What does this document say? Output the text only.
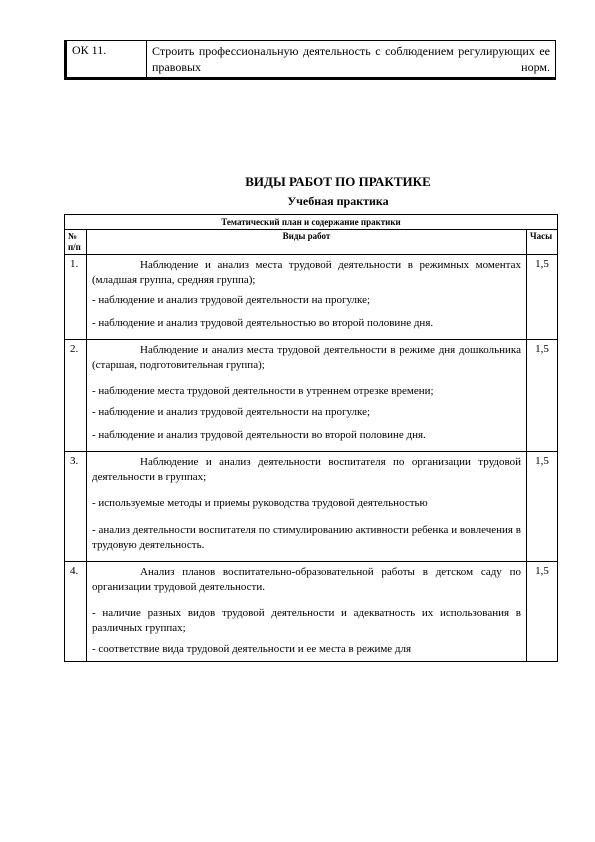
ОК 11.	Строить профессиональную деятельность с соблюдением регулирующих ее правовых норм.
ВИДЫ РАБОТ ПО ПРАКТИКЕ
Учебная практика
Тематический план и содержание практики		
№ п/п	Виды работ	Часы
1.	Наблюдение и анализ места трудовой деятельности в режимных моментах (младшая группа, средняя группа);

- наблюдение и анализ трудовой деятельности на прогулке;

- наблюдение и анализ трудовой деятельностью во второй половине дня.	1,5
2.	Наблюдение и анализ места трудовой деятельности в режиме дня дошкольника (старшая, подготовительная группа);

- наблюдение места трудовой деятельности в утреннем отрезке времени;

- наблюдение и анализ трудовой деятельности на прогулке;

- наблюдение и анализ трудовой деятельности во второй половине дня.	1,5
3.	Наблюдение и анализ деятельности воспитателя по организации трудовой деятельности в группах;

- используемые методы и приемы руководства трудовой деятельностью

- анализ деятельности воспитателя по стимулированию активности ребенка и вовлечения в трудовую деятельность.	1,5
4.	Анализ планов воспитательно-образовательной работы в детском саду по организации трудовой деятельности.

- наличие разных видов трудовой деятельности и адекватность их использования в различных группах;

- соответствие вида трудовой деятельности и ее места в режиме для	1,5
